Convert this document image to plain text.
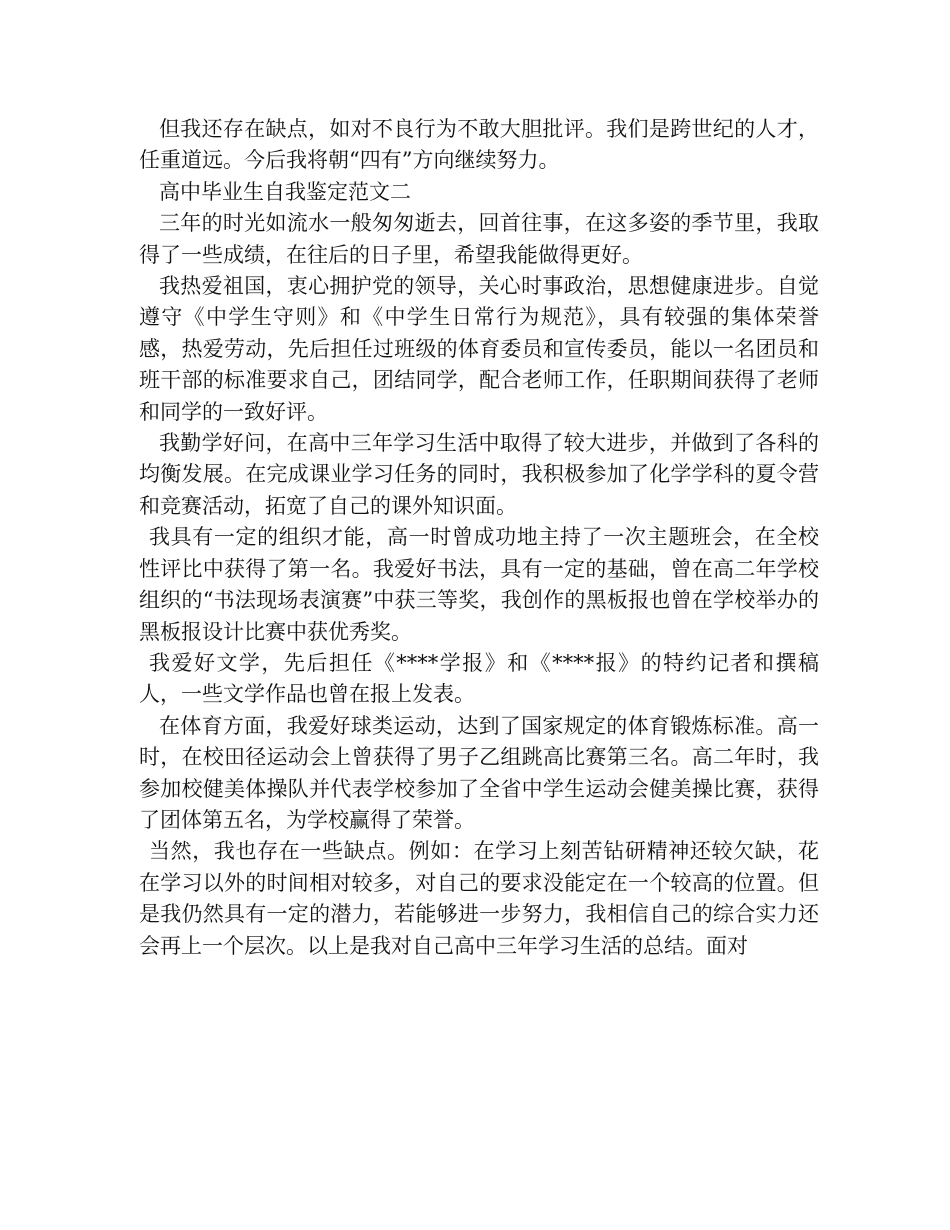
但我还存在缺点，如对不良行为不敢大胆批评。我们是跨世纪的人才，任重道远。今后我将朝“四有”方向继续努力。

高中毕业生自我鉴定范文二

三年的时光如流水一般匆匆逝去，回首往事，在这多姿的季节里，我取得了一些成绩，在往后的日子里，希望我能做得更好。

我热爱祖国，衷心拥护党的领导，关心时事政治，思想健康进步。自觉遵守《中学生守则》和《中学生日常行为规范》，具有较强的集体荣誉感，热爱劳动，先后担任过班级的体育委员和宣传委员，能以一名团员和班干部的标准要求自己，团结同学，配合老师工作，任职期间获得了老师和同学的一致好评。

我勤学好问，在高中三年学习生活中取得了较大进步，并做到了各科的均衡发展。在完成课业学习任务的同时，我积极参加了化学学科的夏令营和竞赛活动，拓宽了自己的课外知识面。

我具有一定的组织才能，高一时曾成功地主持了一次主题班会，在全校性评比中获得了第一名。我爱好书法，具有一定的基础，曾在高二年学校组织的“书法现场表演赛”中获三等奖，我创作的黑板报也曾在学校举办的黑板报设计比赛中获优秀奖。

我爱好文学，先后担任《****学报》和《****报》的特约记者和撰稿人，一些文学作品也曾在报上发表。

在体育方面，我爱好球类运动，达到了国家规定的体育锻炼标准。高一时，在校田径运动会上曾获得了男子乙组跳高比赛第三名。高二年时，我参加校健美体操队并代表学校参加了全省中学生运动会健美操比赛，获得了团体第五名，为学校赢得了荣誉。

当然，我也存在一些缺点。例如：在学习上刻苦钻研精神还较欠缺，花在学习以外的时间相对较多，对自己的要求没能定在一个较高的位置。但是我仍然具有一定的潜力，若能够进一步努力，我相信自己的综合实力还会再上一个层次。以上是我对自己高中三年学习生活的总结。面对
